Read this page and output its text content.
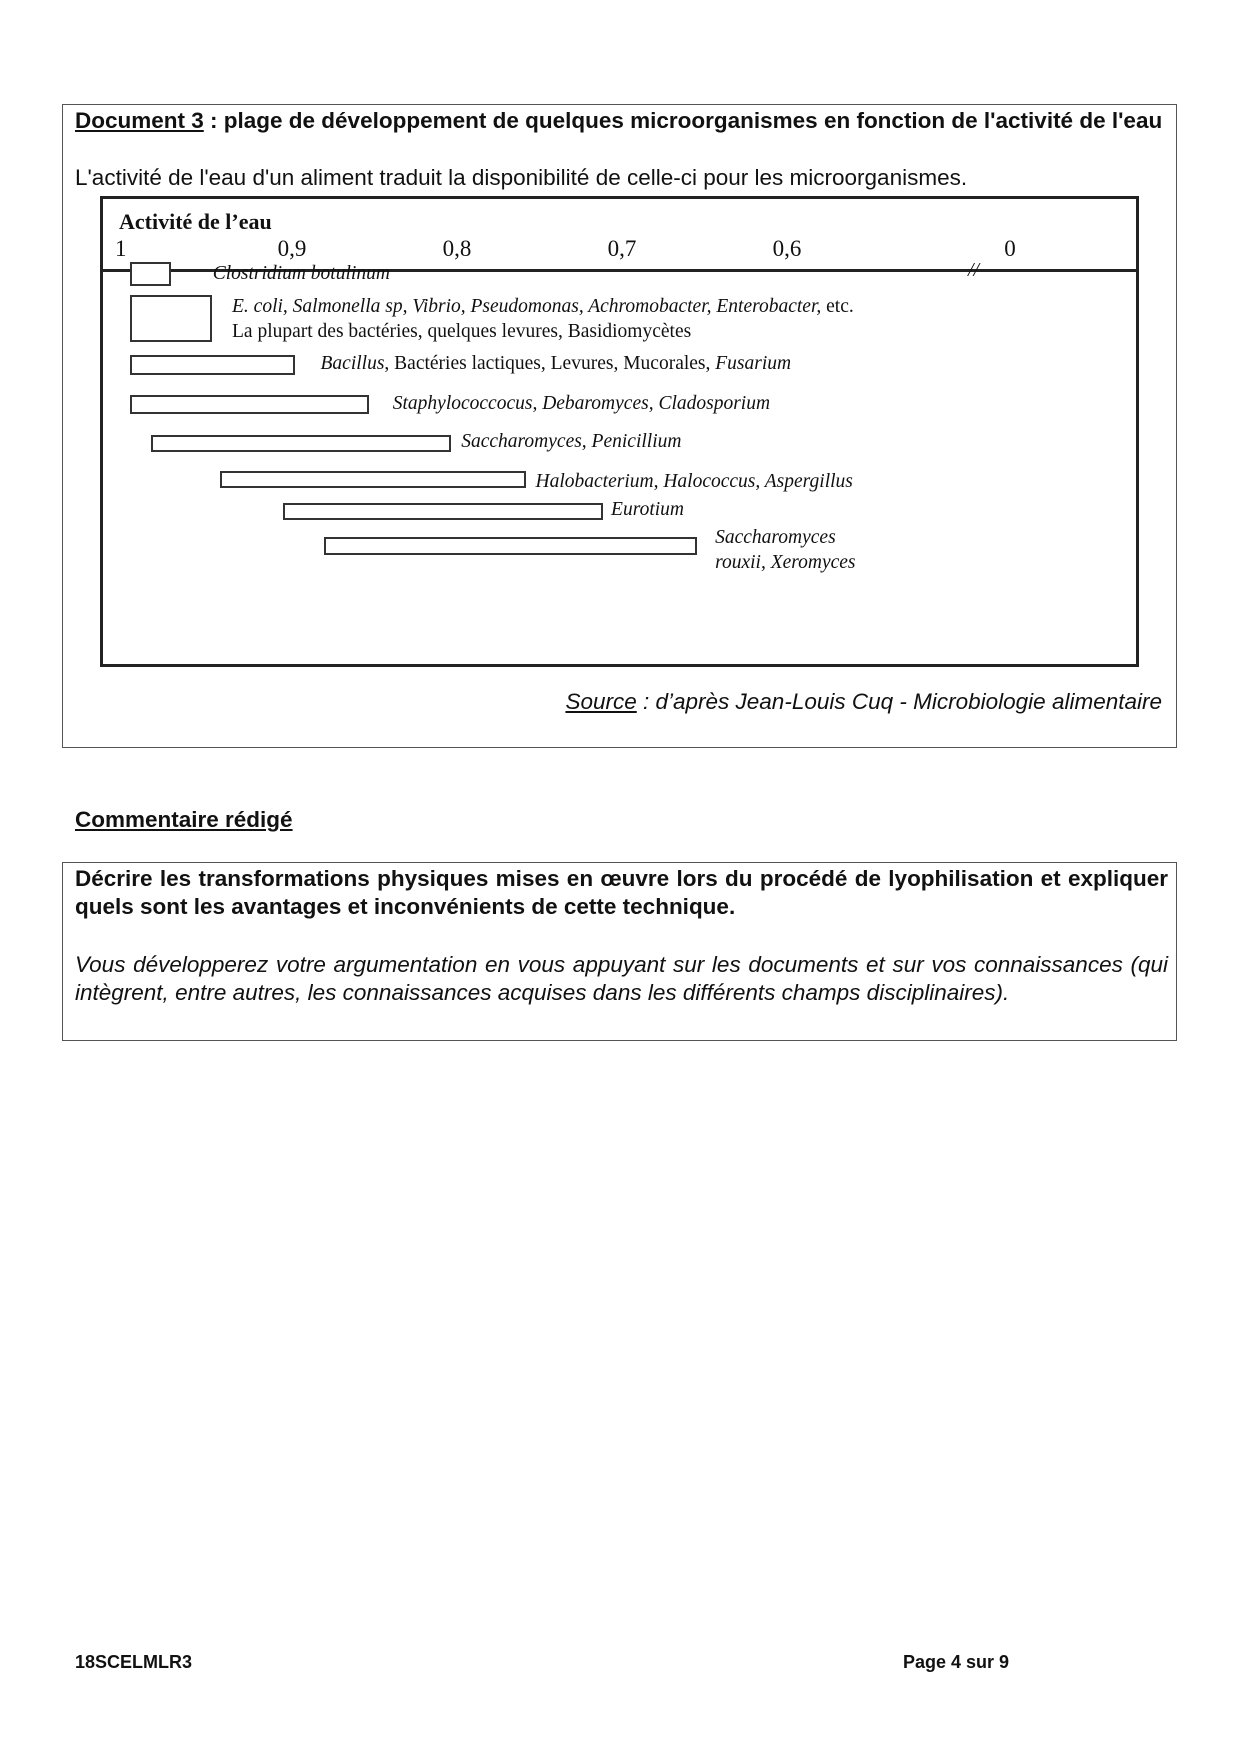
Document 3 : plage de développement de quelques microorganismes en fonction de l'activité de l'eau
L'activité de l'eau d'un aliment traduit la disponibilité de celle-ci pour les microorganismes.
Activité de l’eau
//
1	0,9	0,8	0,7	0,6	0
Clostridium botulinum
E. coli, Salmonella sp, Vibrio, Pseudomonas, Achromobacter, Enterobacter, etc.
La plupart des bactéries, quelques levures, Basidiomycètes
Bacillus, Bactéries lactiques, Levures, Mucorales, Fusarium
Staphylococcocus, Debaromyces, Cladosporium
Saccharomyces, Penicillium
Halobacterium, Halococcus, Aspergillus
Eurotium
Saccharomyces
rouxii, Xeromyces
Source : d’après Jean-Louis Cuq - Microbiologie alimentaire
Commentaire rédigé
Décrire les transformations physiques mises en œuvre lors du procédé de lyophilisation et expliquer quels sont les avantages et inconvénients de cette technique.
Vous développerez votre argumentation en vous appuyant sur les documents et sur vos connaissances (qui intègrent, entre autres, les connaissances acquises dans les différents champs disciplinaires).
18SCELMLR3	Page 4 sur 9
